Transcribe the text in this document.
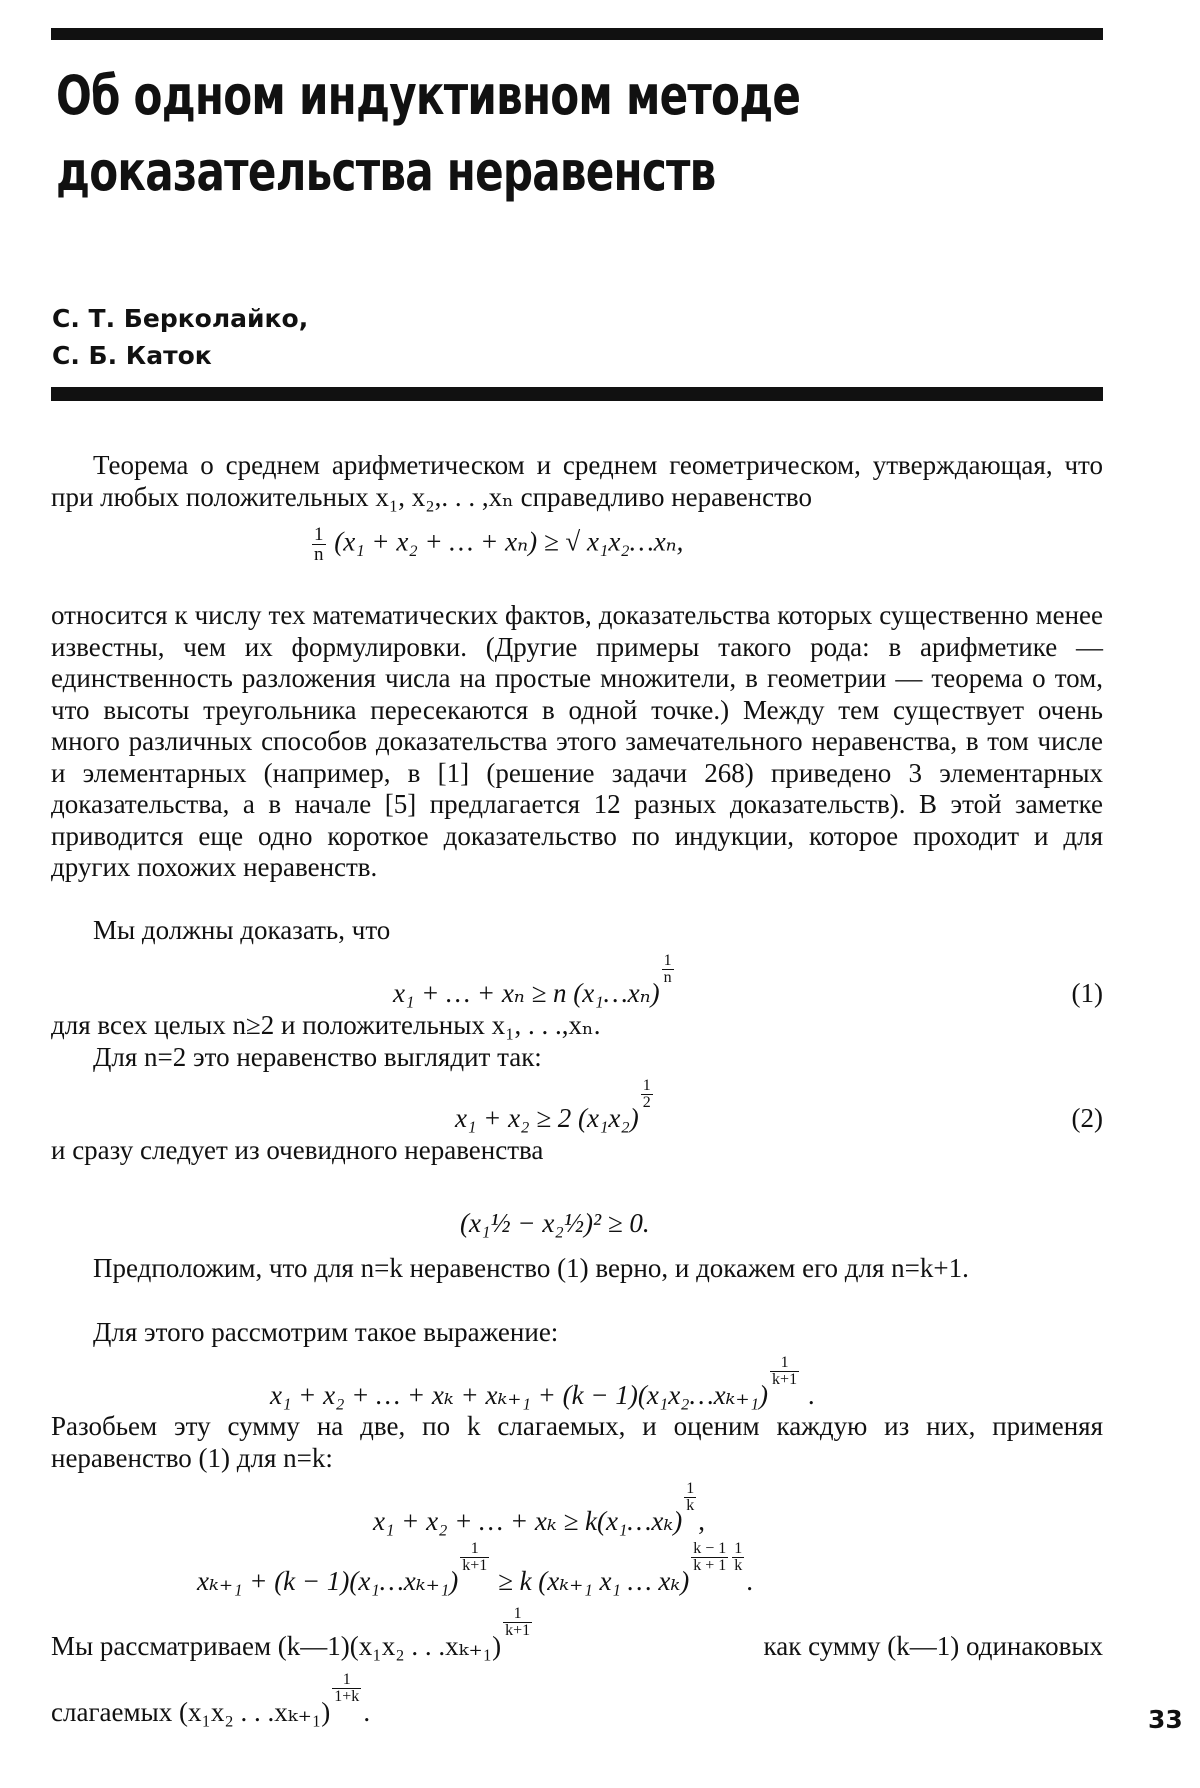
Об одном индуктивном методе
доказательства неравенств
С. Т. Берколайко,
С. Б. Каток
Теорема о среднем арифметическом и среднем геометрическом, утверждающая, что при любых положительных x₁, x₂,. . . ,xₙ справедливо неравенство
$\frac{1}{n} (x_1 + x_2$ + … + xₙ) ≥ √ x₁x₂…xₙ,
относится к числу тех математических фактов, доказательства которых существенно менее известны, чем их формулировки. (Другие примеры такого рода: в арифметике — единственность разложения числа на простые множители, в геометрии — теорема о том, что высоты треугольника пересекаются в одной точке.) Между тем существует очень много различных способов доказательства этого замечательного неравенства, в том числе и элементарных (например, в [1] (решение задачи 268) приведено 3 элементарных доказательства, а в начале [5] предлагается 12 разных доказательств). В этой заметке приводится еще одно короткое доказательство по индукции, которое проходит и для других похожих неравенств.
Мы должны доказать, что
x₁ + … + xₙ ≥ n (x₁…xₙ)
$\frac{1}{n}$
(1)
для всех целых n≥2 и положительных x₁, . . .,xₙ.
Для n=2 это неравенство выглядит так:
x₁ + x₂ ≥ 2 (x₁x₂)
$\frac{1}{2}$
(2)
и сразу следует из очевидного неравенства
(x₁½ − x₂½)² ≥ 0.
Предположим, что для n=k неравенство (1) верно, и докажем его для n=k+1.
Для этого рассмотрим такое выражение:
x₁ + x₂ + … + xₖ + xₖ₊₁ + (k − 1)(x₁x₂…xₖ₊₁)
$\frac{1}{k+1}$
.
Разобьем эту сумму на две, по k слагаемых, и оценим каждую из них, применяя неравенство (1) для n=k:
x₁ + x₂ + … + xₖ ≥ k(x₁…xₖ)
$\frac{1}{k}$
,
xₖ₊₁ + (k − 1)(x₁…xₖ₊₁)
$\frac{1}{k+1}$
≥ k (xₖ₊₁ x₁ … xₖ)
$\frac{k - 1}{k + 1} \frac{1}{k}$
.
Мы рассматриваем (k—1)(x₁x₂ . . .xₖ₊₁)
$\frac{1}{k+1}$
как сумму (k—1) одинаковых
слагаемых (x₁x₂ . . .xₖ₊₁)
$\frac{1}{1+k}$
.	33
